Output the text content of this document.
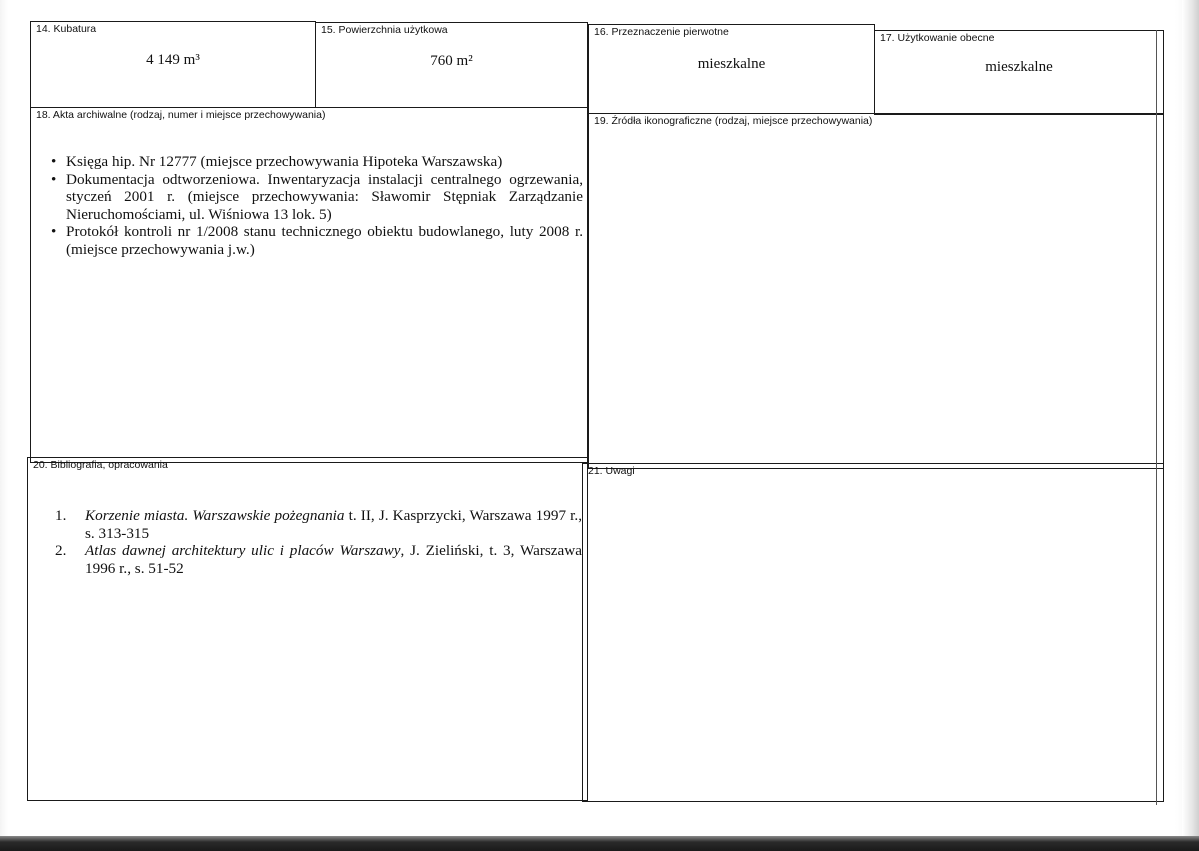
14. Kubatura
4 149 m³
15. Powierzchnia użytkowa
760 m²
16. Przeznaczenie pierwotne
mieszkalne
17. Użytkowanie obecne
mieszkalne
18. Akta archiwalne (rodzaj, numer i miejsce przechowywania)
• Księga hip. Nr 12777 (miejsce przechowywania Hipoteka Warszawska)
• Dokumentacja odtworzeniowa. Inwentaryzacja instalacji centralnego ogrzewania, styczeń 2001 r. (miejsce przechowywania: Sławomir Stępniak Zarządzanie Nieruchomościami, ul. Wiśniowa 13 lok. 5)
• Protokół kontroli nr 1/2008 stanu technicznego obiektu budowlanego, luty 2008 r. (miejsce przechowywania j.w.)
19. Źródła ikonograficzne (rodzaj, miejsce przechowywania)
20. Bibliografia, opracowania
1. Korzenie miasta. Warszawskie pożegnania t. II, J. Kasprzycki, Warszawa 1997 r., s. 313-315
2. Atlas dawnej architektury ulic i placów Warszawy, J. Zieliński, t. 3, Warszawa 1996 r., s. 51-52
21. Uwagi
